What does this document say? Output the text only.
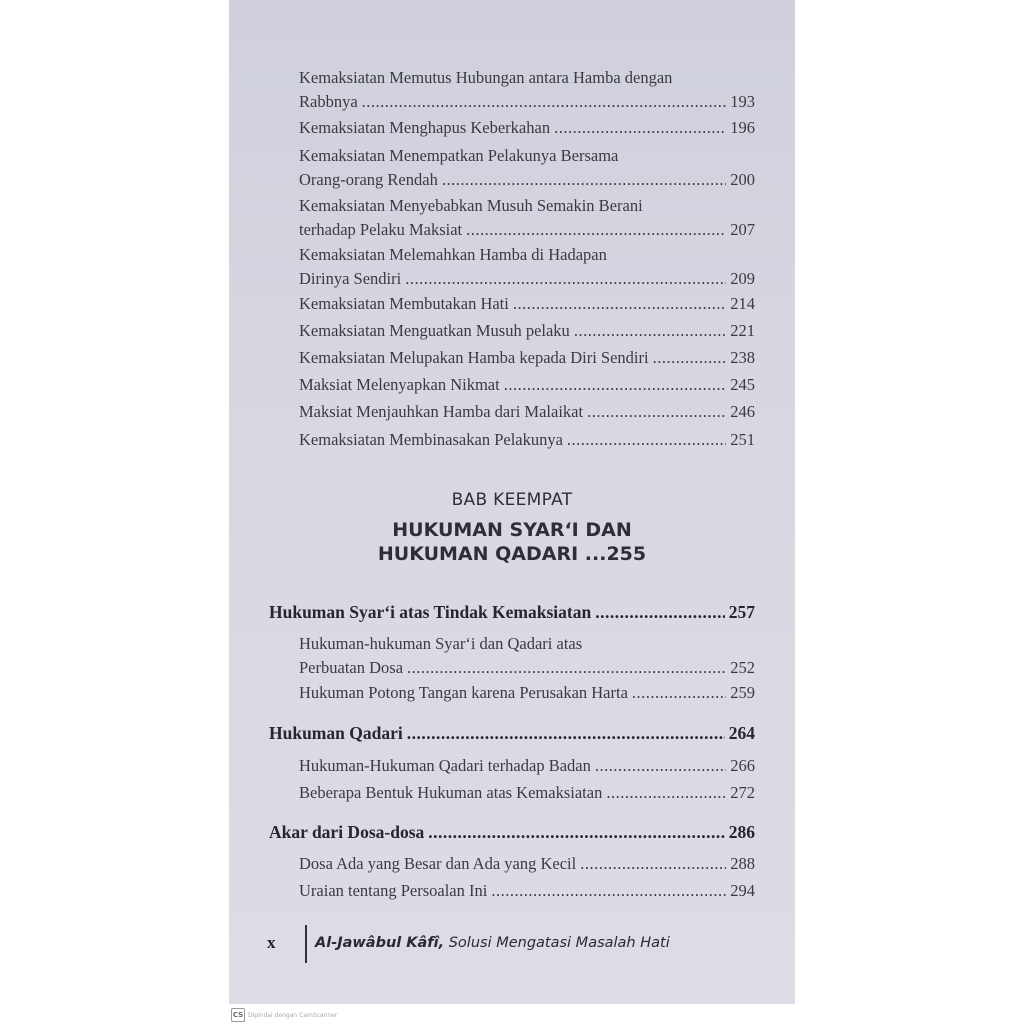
Kemaksiatan Memutus Hubungan antara Hamba dengan
Rabbnya .....	193
Kemaksiatan Menghapus Keberkahan .....	196
Kemaksiatan Menempatkan Pelakunya Bersama
Orang-orang Rendah .....	200
Kemaksiatan Menyebabkan Musuh Semakin Berani
terhadap Pelaku Maksiat .....	207
Kemaksiatan Melemahkan Hamba di Hadapan
Dirinya Sendiri .....	209
Kemaksiatan Membutakan Hati .....	214
Kemaksiatan Menguatkan Musuh pelaku .....	221
Kemaksiatan Melupakan Hamba kepada Diri Sendiri .....	238
Maksiat Melenyapkan Nikmat .....	245
Maksiat Menjauhkan Hamba dari Malaikat .....	246
Kemaksiatan Membinasakan Pelakunya .....	251
BAB KEEMPAT
HUKUMAN SYAR‘I DAN
HUKUMAN QADARI ...255
Hukuman Syar‘i atas Tindak Kemaksiatan .....	257
Hukuman-hukuman Syar‘i dan Qadari atas
Perbuatan Dosa .....	252
Hukuman Potong Tangan karena Perusakan Harta .....	259
Hukuman Qadari .....	264
Hukuman-Hukuman Qadari terhadap Badan .....	266
Beberapa Bentuk Hukuman atas Kemaksiatan .....	272
Akar dari Dosa-dosa .....	286
Dosa Ada yang Besar dan Ada yang Kecil .....	288
Uraian tentang Persoalan Ini .....	294
x	Al-Jawâbul Kâfî, Solusi Mengatasi Masalah Hati
CS Dipindai dengan CamScanner
